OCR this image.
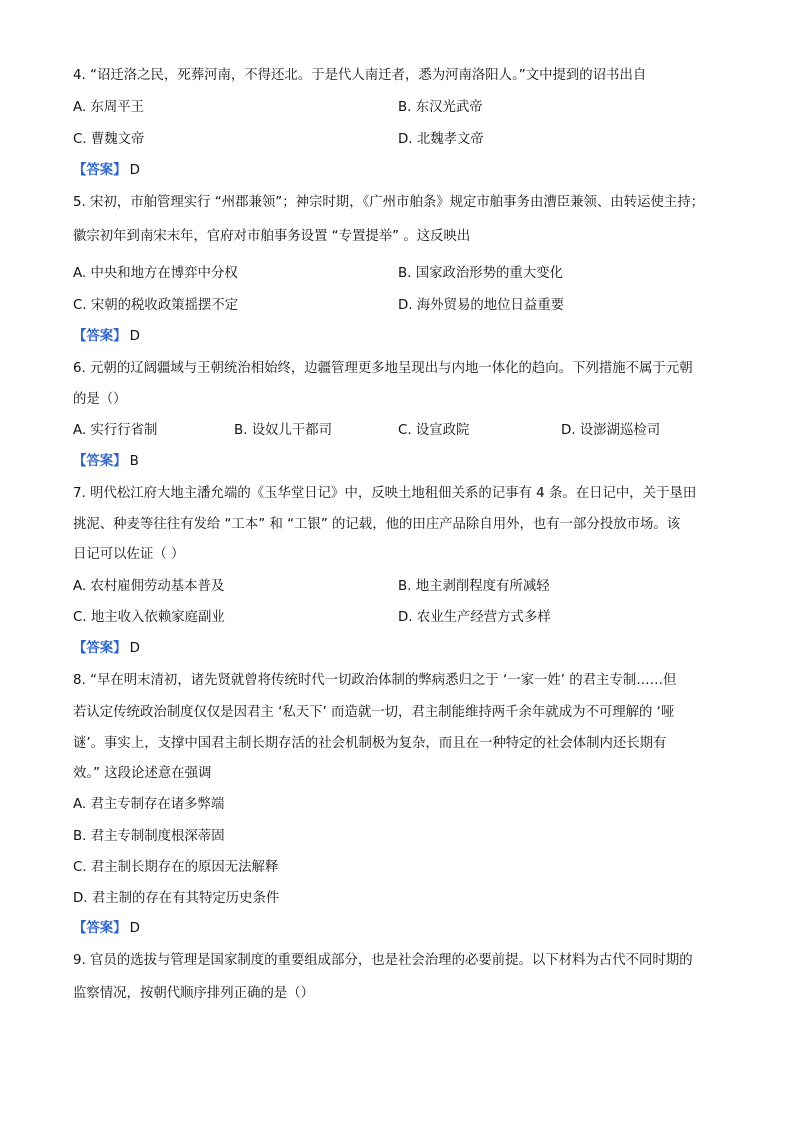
4. “诏迁洛之民，死葬河南，不得还北。于是代人南迁者，悉为河南洛阳人。”文中提到的诏书出自
A. 东周平王	B. 东汉光武帝
C. 曹魏文帝	D. 北魏孝文帝
【答案】 D
5. 宋初，市舶管理实行 “州郡兼领”；神宗时期，《广州市舶条》规定市舶事务由漕臣兼领、由转运使主持；
徽宗初年到南宋末年，官府对市舶事务设置 “专置提举” 。这反映出
A. 中央和地方在博弈中分权	B. 国家政治形势的重大变化
C. 宋朝的税收政策摇摆不定	D. 海外贸易的地位日益重要
【答案】 D
6. 元朝的辽阔疆域与王朝统治相始终，边疆管理更多地呈现出与内地一体化的趋向。下列措施不属于元朝
的是（）
A. 实行行省制	B. 设奴儿干都司	C. 设宣政院	D. 设澎湖巡检司
【答案】 B
7. 明代松江府大地主潘允端的《玉华堂日记》中，反映土地租佃关系的记事有 4 条。在日记中，关于垦田
挑泥、种麦等往往有发给 “工本” 和 “工银” 的记载，他的田庄产品除自用外，也有一部分投放市场。该
日记可以佐证（ ）
A. 农村雇佣劳动基本普及	B. 地主剥削程度有所减轻
C. 地主收入依赖家庭副业	D. 农业生产经营方式多样
【答案】 D
8. “早在明末清初，诸先贤就曾将传统时代一切政治体制的弊病悉归之于 ‘一家一姓’ 的君主专制……但
若认定传统政治制度仅仅是因君主 ‘私天下’ 而造就一切，君主制能维持两千余年就成为不可理解的 ‘哑
谜’。事实上，支撑中国君主制长期存活的社会机制极为复杂，而且在一种特定的社会体制内还长期有
效。” 这段论述意在强调
A. 君主专制存在诸多弊端
B. 君主专制制度根深蒂固
C. 君主制长期存在的原因无法解释
D. 君主制的存在有其特定历史条件
【答案】 D
9. 官员的选拔与管理是国家制度的重要组成部分，也是社会治理的必要前提。以下材料为古代不同时期的
监察情况，按朝代顺序排列正确的是（）
